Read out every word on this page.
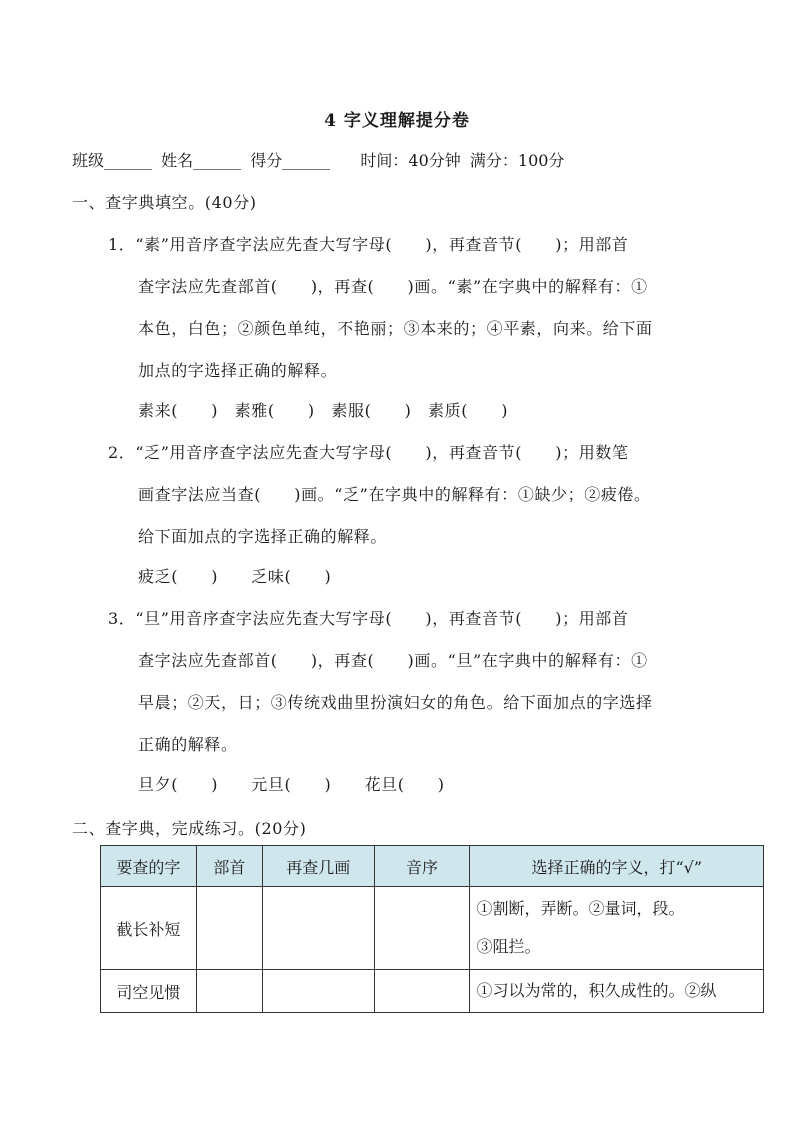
4 字义理解提分卷
班级______ 姓名______ 得分______ 时间：40分钟 满分：100分
一、查字典填空。(40分)
1．“素”用音序查字法应先查大写字母(　　)，再查音节(　　)；用部首
查字法应先查部首(　　)，再查(　　)画。“素”在字典中的解释有：①
本色，白色；②颜色单纯，不艳丽；③本来的；④平素，向来。给下面
加点的字选择正确的解释。
素来(　　)　素雅(　　)　素服(　　)　素质(　　)
2．“乏”用音序查字法应先查大写字母(　　)，再查音节(　　)；用数笔
画查字法应当查(　　)画。“乏”在字典中的解释有：①缺少；②疲倦。
给下面加点的字选择正确的解释。
疲乏(　　)　　乏味(　　)
3．“旦”用音序查字法应先查大写字母(　　)，再查音节(　　)；用部首
查字法应先查部首(　　)，再查(　　)画。“旦”在字典中的解释有：①
早晨；②天，日；③传统戏曲里扮演妇女的角色。给下面加点的字选择
正确的解释。
旦夕(　　)　　元旦(　　)　　花旦(　　)
二、查字典，完成练习。(20分)
要查的字	部首	再查几画	音序	选择正确的字义，打“√”
截长补短				①割断，弄断。②量词，段。
③阻拦。

司空见惯				①习以为常的，积久成性的。②纵
